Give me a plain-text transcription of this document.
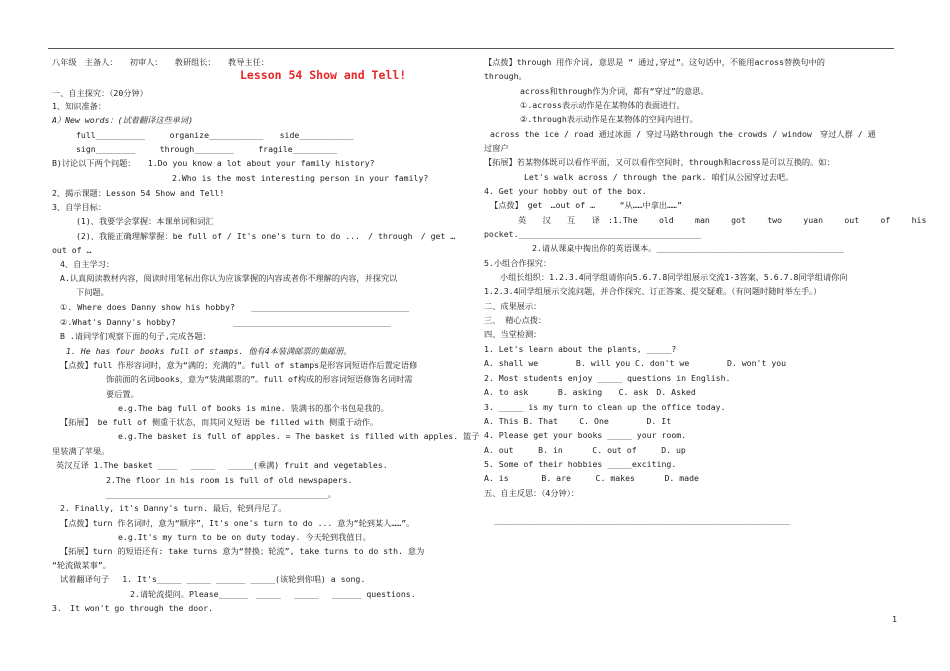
八年级　主备人：　　初审人：　　教研组长：　　教导主任：
Lesson 54 Show and Tell!
一、自主探究：（20分钟）
1、知识准备：
A）New words：(试着翻译这些单词)
full__________　　　organize___________　　side___________
sign________　　　through________　　　fragile_________
B)讨论以下两个问题：　　1.Do you know a lot about your family history?
2.Who is the most interesting person in your family?
2、揭示课题：Lesson 54 Show and Tell!
3、自学目标：
(1)、我要学会掌握：本课单词和词汇
(2)、我能正确理解掌握：be full of / It's one's turn to do ...　/ through　/ get …
out of …
4、自主学习：
A.认真阅读教材内容，阅读时用笔标出你认为应该掌握的内容或者你不理解的内容，并探究以
下问题。
①. Where does Danny show his hobby?　　________________________________
②.What's Danny's hobby?　　　　　　　________________________________
B .请同学们观察下面的句子,完成各题：
1. He has four books full of stamps. 他有4本装满邮票的集邮册。
【点拨】full 作形容词时，意为“满的；充满的”。full of stamps是形容词短语作后置定语修
饰前面的名词books，意为“装满邮票的”。full of构成的形容词短语修饰名词时需
要后置。
e.g.The bag full of books is mine. 装满书的那个书包是我的。
【拓展】 be full of 侧重于状态，而其同义短语 be filled with 侧重于动作。
e.g.The basket is full of apples. = The basket is filled with apples. 篮子
里装满了苹果。
英汉互译 1.The basket ____　 _____　 _____(乘满) fruit and vegetables.
2.The floor in his room is full of old newspapers.
_____________________________________________。
2. Finally, it's Danny's turn. 最后，轮到丹尼了。
【点拨】turn 作名词时，意为“顺序”，It's one's turn to do ... 意为“轮到某人……”。
e.g.It's my turn to be on duty today. 今天轮到我值日。
【拓展】turn 的短语还有: take turns 意为“替换；轮流”, take turns to do sth. 意为
“轮流做某事”。
试着翻译句子　 1. It's_____ _____ ______ _____(该轮到你唱) a song.
2.请轮流提问。Please______　_____　 _____　 ______ questions.
3.　It won't go through the door.
【点拨】through 用作介词, 意思是 “ 通过,穿过”。这句话中，不能用across替换句中的
through。
across和through作为介词，都有“穿过”的意思。
①.across表示动作是在某物体的表面进行。
②.through表示动作是在某物体的空间内进行。
across the ice / road 通过冰面 / 穿过马路through the crowds / window　穿过人群 / 通
过窗户
【拓展】若某物体既可以看作平面，又可以看作空间时，through和across是可以互换的。如：
Let's walk across / through the park. 咱们从公园穿过去吧。
4. Get your hobby out of the box.
【点拨】 get　…out of …　　　“从……中拿出……”
英　　汉　　互　　译　:1.The　　 old　　 man　　 got　　 two　　 yuan　　 out　　 of　　 his
pocket._____________________________________
2.请从课桌中掏出你的英语课本。______________________________________
5.小组合作探究：
小组长组织：1.2.3.4同学组请你向5.6.7.8同学组展示交流1-3答案，5.6.7.8同学组请你向
1.2.3.4同学组展示交流问题，并合作探究、订正答案、提交疑难。（有问题时随时举左手。）
二、成果展示：
三、 精心点拨：
四、当堂检测：
1. Let's learn about the plants, _____?
A. shall we　　　　 B. will you C. don't we　　　　 D. won't you
2. Most students enjoy _____ questions in English.
A. to ask　　　 B. asking　　C. ask　D. Asked
3. _____ is my turn to clean up the office today.
A. This B. That　　 C. One　　　　 D. It
4. Please get your books _____ your room.
A. out　　　B. in　　　 C. out of　　　D. up
5. Some of their hobbies _____exciting.
A. is　　　　B. are　　　C. makes　　　 D. made
五、自主反思：（4分钟）：
____________________________________________________________
1
